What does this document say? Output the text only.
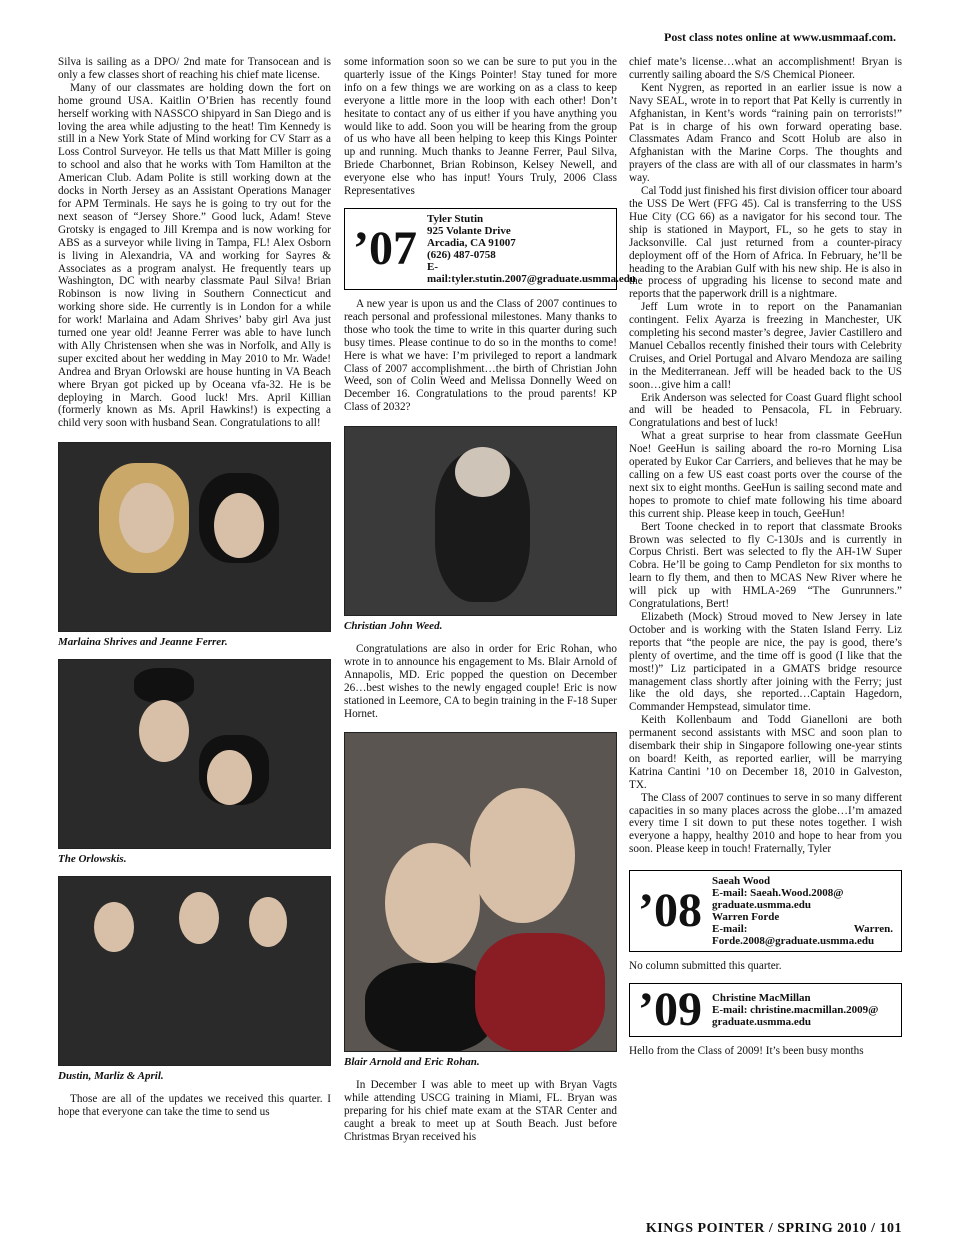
Post class notes online at www.usmmaaf.com.

Silva is sailing as a DPO/ 2nd mate for Transocean and is only a few classes short of reaching his chief mate license.

Many of our classmates are holding down the fort on home ground USA. Kaitlin O’Brien has recently found herself working with NASSCO shipyard in San Diego and is loving the area while adjusting to the heat! Tim Kennedy is still in a New York State of Mind working for CV Starr as a Loss Control Surveyor. He tells us that Matt Miller is going to school and also that he works with Tom Hamilton at the American Club. Adam Polite is still working down at the docks in North Jersey as an Assistant Operations Manager for APM Terminals. He says he is going to try out for the next season of “Jersey Shore.” Good luck, Adam! Steve Grotsky is engaged to Jill Krempa and is now working for ABS as a surveyor while living in Tampa, FL! Alex Osborn is living in Alexandria, VA and working for Sayres & Associates as a program analyst. He frequently tears up Washington, DC with nearby classmate Paul Silva! Brian Robinson is now living in Southern Connecticut and working shore side. He currently is in London for a while for work! Marlaina and Adam Shrives’ baby girl Ava just turned one year old! Jeanne Ferrer was able to have lunch with Ally Christensen when she was in Norfolk, and Ally is super excited about her wedding in May 2010 to Mr. Wade! Andrea and Bryan Orlowski are house hunting in VA Beach where Bryan got picked up by Oceana vfa-32. He is be deploying in March. Good luck! Mrs. April Killian (formerly known as Ms. April Hawkins!) is expecting a child very soon with husband Sean. Congratulations to all!

Marlaina Shrives and Jeanne Ferrer.
The Orlowskis.
Dustin, Marliz & April.

Those are all of the updates we received this quarter. I hope that everyone can take the time to send us

some information soon so we can be sure to put you in the quarterly issue of the Kings Pointer! Stay tuned for more info on a few things we are working on as a class to keep everyone a little more in the loop with each other! Don’t hesitate to contact any of us either if you have anything you would like to add. Soon you will be hearing from the group of us who have all been helping to keep this Kings Pointer up and running. Much thanks to Jeanne Ferrer, Paul Silva, Briede Charbonnet, Brian Robinson, Kelsey Newell, and everyone else who has input! Yours Truly, 2006 Class Representatives

’07
Tyler Stutin
925 Volante Drive
Arcadia, CA 91007
(626) 487-0758
E-mail:tyler.stutin.2007@graduate.usmma.edu

A new year is upon us and the Class of 2007 continues to reach personal and professional milestones. Many thanks to those who took the time to write in this quarter during such busy times. Please continue to do so in the months to come! Here is what we have: I’m privileged to report a landmark Class of 2007 accomplishment…the birth of Christian John Weed, son of Colin Weed and Melissa Donnelly Weed on December 16. Congratulations to the proud parents! KP Class of 2032?

Christian John Weed.

Congratulations are also in order for Eric Rohan, who wrote in to announce his engagement to Ms. Blair Arnold of Annapolis, MD. Eric popped the question on December 26…best wishes to the newly engaged couple! Eric is now stationed in Leemore, CA to begin training in the F-18 Super Hornet.

Blair Arnold and Eric Rohan.

In December I was able to meet up with Bryan Vagts while attending USCG training in Miami, FL. Bryan was preparing for his chief mate exam at the STAR Center and caught a break to meet up at South Beach. Just before Christmas Bryan received his

chief mate’s license…what an accomplishment! Bryan is currently sailing aboard the S/S Chemical Pioneer.

Kent Nygren, as reported in an earlier issue is now a Navy SEAL, wrote in to report that Pat Kelly is currently in Afghanistan, in Kent’s words “raining pain on terrorists!” Pat is in charge of his own forward operating base. Classmates Adam Franco and Scott Holub are also in Afghanistan with the Marine Corps. The thoughts and prayers of the class are with all of our classmates in harm’s way.

Cal Todd just finished his first division officer tour aboard the USS De Wert (FFG 45). Cal is transferring to the USS Hue City (CG 66) as a navigator for his second tour. The ship is stationed in Mayport, FL, so he gets to stay in Jacksonville. Cal just returned from a counter-piracy deployment off of the Horn of Africa. In February, he’ll be heading to the Arabian Gulf with his new ship. He is also in the process of upgrading his license to second mate and reports that the paperwork drill is a nightmare.

Jeff Lum wrote in to report on the Panamanian contingent. Felix Ayarza is freezing in Manchester, UK completing his second master’s degree, Javier Castillero and Manuel Ceballos recently finished their tours with Celebrity Cruises, and Oriel Portugal and Alvaro Mendoza are sailing in the Mediterranean. Jeff will be headed back to the US soon…give him a call!

Erik Anderson was selected for Coast Guard flight school and will be headed to Pensacola, FL in February. Congratulations and best of luck!

What a great surprise to hear from classmate GeeHun Noe! GeeHun is sailing aboard the ro-ro Morning Lisa operated by Eukor Car Carriers, and believes that he may be calling on a few US east coast ports over the course of the next six to eight months. GeeHun is sailing second mate and hopes to promote to chief mate following his time aboard this current ship. Please keep in touch, GeeHun!

Bert Toone checked in to report that classmate Brooks Brown was selected to fly C-130Js and is currently in Corpus Christi. Bert was selected to fly the AH-1W Super Cobra. He’ll be going to Camp Pendleton for six months to learn to fly them, and then to MCAS New River where he will pick up with HMLA-269 “The Gunrunners.” Congratulations, Bert!

Elizabeth (Mock) Stroud moved to New Jersey in late October and is working with the Staten Island Ferry. Liz reports that “the people are nice, the pay is good, there’s plenty of overtime, and the time off is good (I like that the most!)” Liz participated in a GMATS bridge resource management class shortly after joining with the Ferry; just like the old days, she reported…Captain Hagedorn, Commander Hempstead, simulator time.

Keith Kollenbaum and Todd Gianelloni are both permanent second assistants with MSC and soon plan to disembark their ship in Singapore following one-year stints on board! Keith, as reported earlier, will be marrying Katrina Cantini ’10 on December 18, 2010 in Galveston, TX.

The Class of 2007 continues to serve in so many different capacities in so many places across the globe…I’m amazed every time I sit down to put these notes together. I wish everyone a happy, healthy 2010 and hope to hear from you soon. Please keep in touch! Fraternally, Tyler

’08
Saeah Wood
E-mail: Saeah.Wood.2008@
graduate.usmma.edu
Warren Forde
E-mail: Warren. Forde.2008@graduate.usmma.edu

No column submitted this quarter.

’09 Christine MacMillan
E-mail: christine.macmillan.2009@
graduate.usmma.edu

Hello from the Class of 2009! It’s been busy months

KINGS POINTER / SPRING 2010 / 101
